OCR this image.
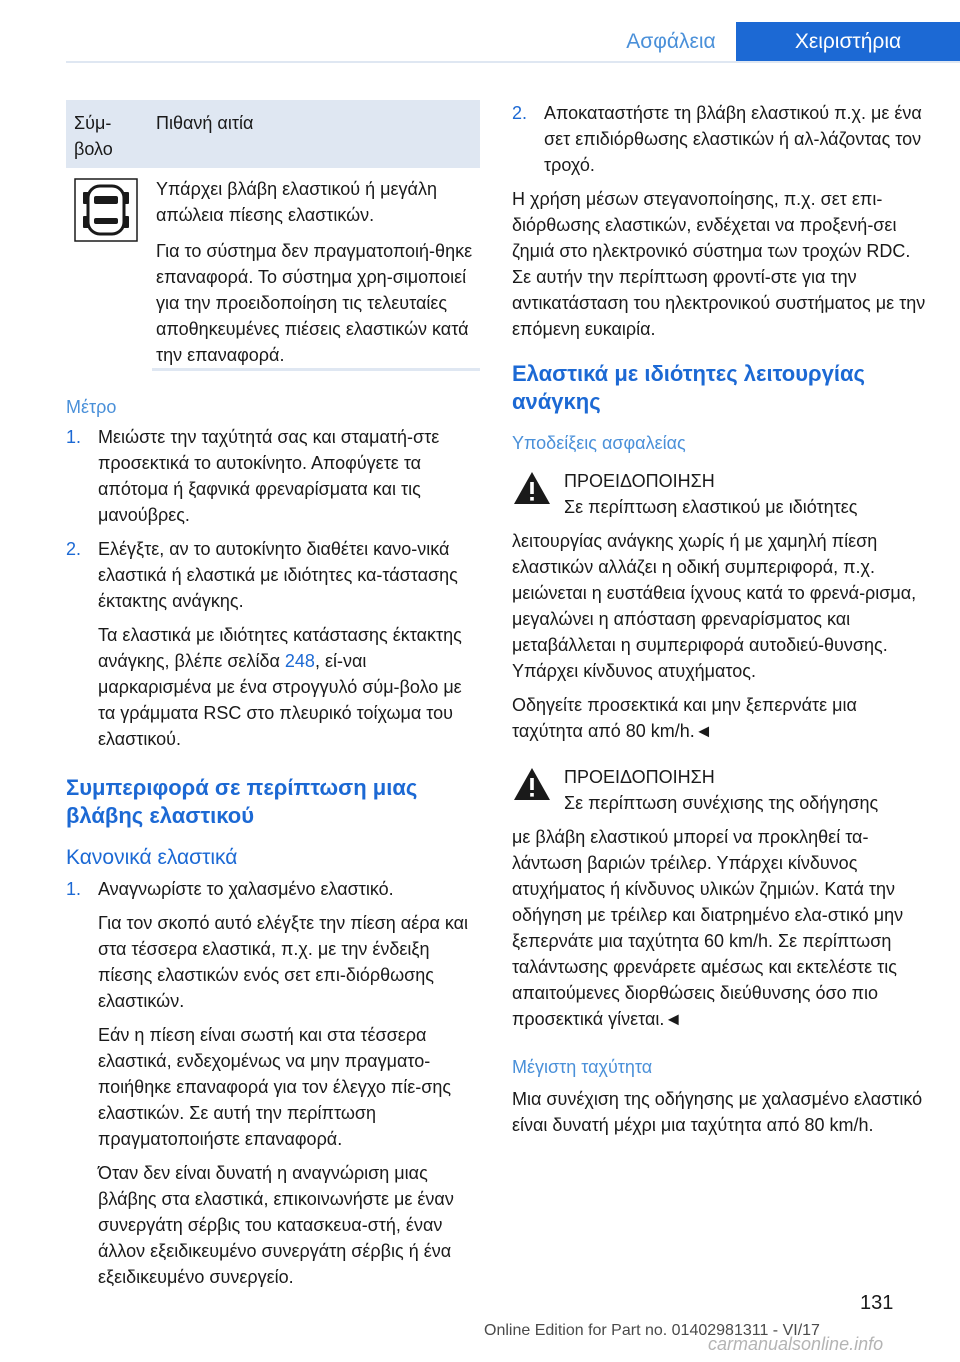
Ασφάλεια	Χειριστήρια
Σύμ-βολο
Πιθανή αιτία

Υπάρχει βλάβη ελαστικού ή μεγάλη απώλεια πίεσης ελαστικών.

Για το σύστημα δεν πραγματοποιή-θηκε επαναφορά. Το σύστημα χρη-σιμοποιεί για την προειδοποίηση τις τελευταίες αποθηκευμένες πιέσεις ελαστικών κατά την επαναφορά.

Μέτρο
1. Μειώστε την ταχύτητά σας και σταματή-στε προσεκτικά το αυτοκίνητο. Αποφύγετε τα απότομα ή ξαφνικά φρεναρίσματα και τις μανούβρες.

2. Ελέγξτε, αν το αυτοκίνητο διαθέτει κανο-νικά ελαστικά ή ελαστικά με ιδιότητες κα-τάστασης έκτακτης ανάγκης.

Τα ελαστικά με ιδιότητες κατάστασης έκτακτης ανάγκης, βλέπε σελίδα 248, εί-ναι μαρκαρισμένα με ένα στρογγυλό σύμ-βολο με τα γράμματα RSC στο πλευρικό τοίχωμα του ελαστικού.

Συμπεριφορά σε περίπτωση μιας βλάβης ελαστικού
Κανονικά ελαστικά
1. Αναγνωρίστε το χαλασμένο ελαστικό.

Για τον σκοπό αυτό ελέγξτε την πίεση αέρα και στα τέσσερα ελαστικά, π.χ. με την ένδειξη πίεσης ελαστικών ενός σετ επι-διόρθωσης ελαστικών.

Εάν η πίεση είναι σωστή και στα τέσσερα ελαστικά, ενδεχομένως να μην πραγματο-ποιήθηκε επαναφορά για τον έλεγχο πίε-σης ελαστικών. Σε αυτή την περίπτωση πραγματοποιήστε επαναφορά.

Όταν δεν είναι δυνατή η αναγνώριση μιας βλάβης στα ελαστικά, επικοινωνήστε με έναν συνεργάτη σέρβις του κατασκευα-στή, έναν άλλον εξειδικευμένο συνεργάτη σέρβις ή ένα εξειδικευμένο συνεργείο.

2. Αποκαταστήστε τη βλάβη ελαστικού π.χ. με ένα σετ επιδιόρθωσης ελαστικών ή αλ-λάζοντας τον τροχό.

Η χρήση μέσων στεγανοποίησης, π.χ. σετ επι-διόρθωσης ελαστικών, ενδέχεται να προξενή-σει ζημιά στο ηλεκτρονικό σύστημα των τροχών RDC. Σε αυτήν την περίπτωση φροντί-στε για την αντικατάσταση του ηλεκτρονικού συστήματος με την επόμενη ευκαιρία.

Ελαστικά με ιδιότητες λειτουργίας ανάγκης
Υποδείξεις ασφαλείας
ΠΡΟΕΙΔΟΠΟΙΗΣΗ
Σε περίπτωση ελαστικού με ιδιότητες

λειτουργίας ανάγκης χωρίς ή με χαμηλή πίεση ελαστικών αλλάζει η οδική συμπεριφορά, π.χ. μειώνεται η ευστάθεια ίχνους κατά το φρενά-ρισμα, μεγαλώνει η απόσταση φρεναρίσματος και μεταβάλλεται η συμπεριφορά αυτοδιεύ-θυνσης. Υπάρχει κίνδυνος ατυχήματος.

Οδηγείτε προσεκτικά και μην ξεπερνάτε μια ταχύτητα από 80 km/h.◄

ΠΡΟΕΙΔΟΠΟΙΗΣΗ
Σε περίπτωση συνέχισης της οδήγησης

με βλάβη ελαστικού μπορεί να προκληθεί τα-λάντωση βαριών τρέιλερ. Υπάρχει κίνδυνος ατυχήματος ή κίνδυνος υλικών ζημιών. Κατά την οδήγηση με τρέιλερ και διατρημένο ελα-στικό μην ξεπερνάτε μια ταχύτητα 60 km/h. Σε περίπτωση ταλάντωσης φρενάρετε αμέσως και εκτελέστε τις απαιτούμενες διορθώσεις διεύθυνσης όσο πιο προσεκτικά γίνεται.◄

Μέγιστη ταχύτητα

Μια συνέχιση της οδήγησης με χαλασμένο ελαστικό είναι δυνατή μέχρι μια ταχύτητα από 80 km/h.

131
Online Edition for Part no. 01402981311 - VI/17
carmanualsonline.info
